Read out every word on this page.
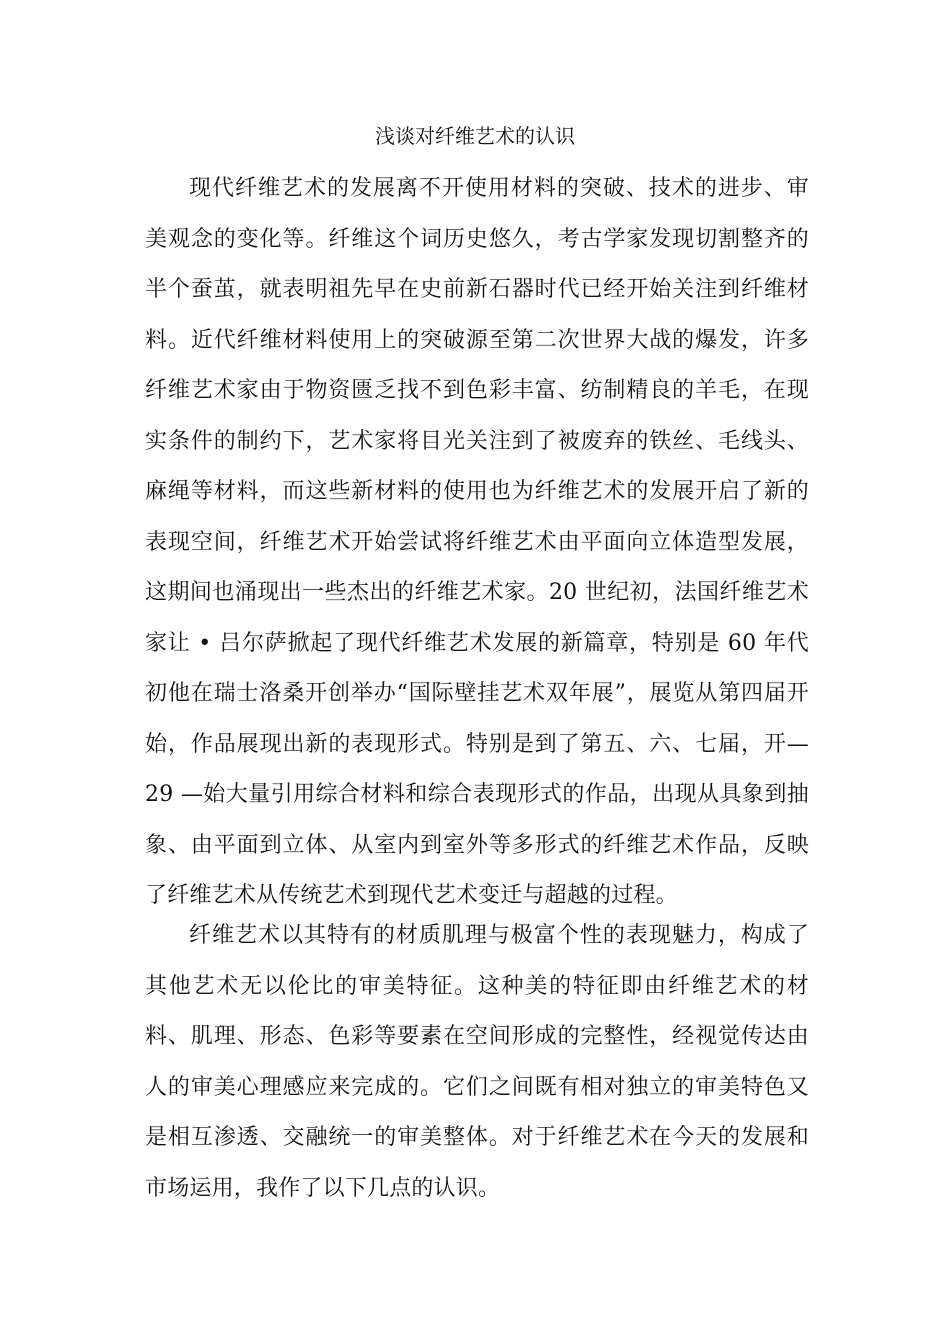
浅谈对纤维艺术的认识

现代纤维艺术的发展离不开使用材料的突破、技术的进步、审美观念的变化等。纤维这个词历史悠久，考古学家发现切割整齐的半个蚕茧，就表明祖先早在史前新石器时代已经开始关注到纤维材料。近代纤维材料使用上的突破源至第二次世界大战的爆发，许多纤维艺术家由于物资匮乏找不到色彩丰富、纺制精良的羊毛，在现实条件的制约下，艺术家将目光关注到了被废弃的铁丝、毛线头、麻绳等材料，而这些新材料的使用也为纤维艺术的发展开启了新的表现空间，纤维艺术开始尝试将纤维艺术由平面向立体造型发展，这期间也涌现出一些杰出的纤维艺术家。20 世纪初，法国纤维艺术家让 • 吕尔萨掀起了现代纤维艺术发展的新篇章，特别是 60 年代初他在瑞士洛桑开创举办“国际壁挂艺术双年展”，展览从第四届开始，作品展现出新的表现形式。特别是到了第五、六、七届，开— 29 —始大量引用综合材料和综合表现形式的作品，出现从具象到抽象、由平面到立体、从室内到室外等多形式的纤维艺术作品，反映了纤维艺术从传统艺术到现代艺术变迁与超越的过程。

纤维艺术以其特有的材质肌理与极富个性的表现魅力，构成了其他艺术无以伦比的审美特征。这种美的特征即由纤维艺术的材料、肌理、形态、色彩等要素在空间形成的完整性，经视觉传达由人的审美心理感应来完成的。它们之间既有相对独立的审美特色又是相互渗透、交融统一的审美整体。对于纤维艺术在今天的发展和市场运用，我作了以下几点的认识。
